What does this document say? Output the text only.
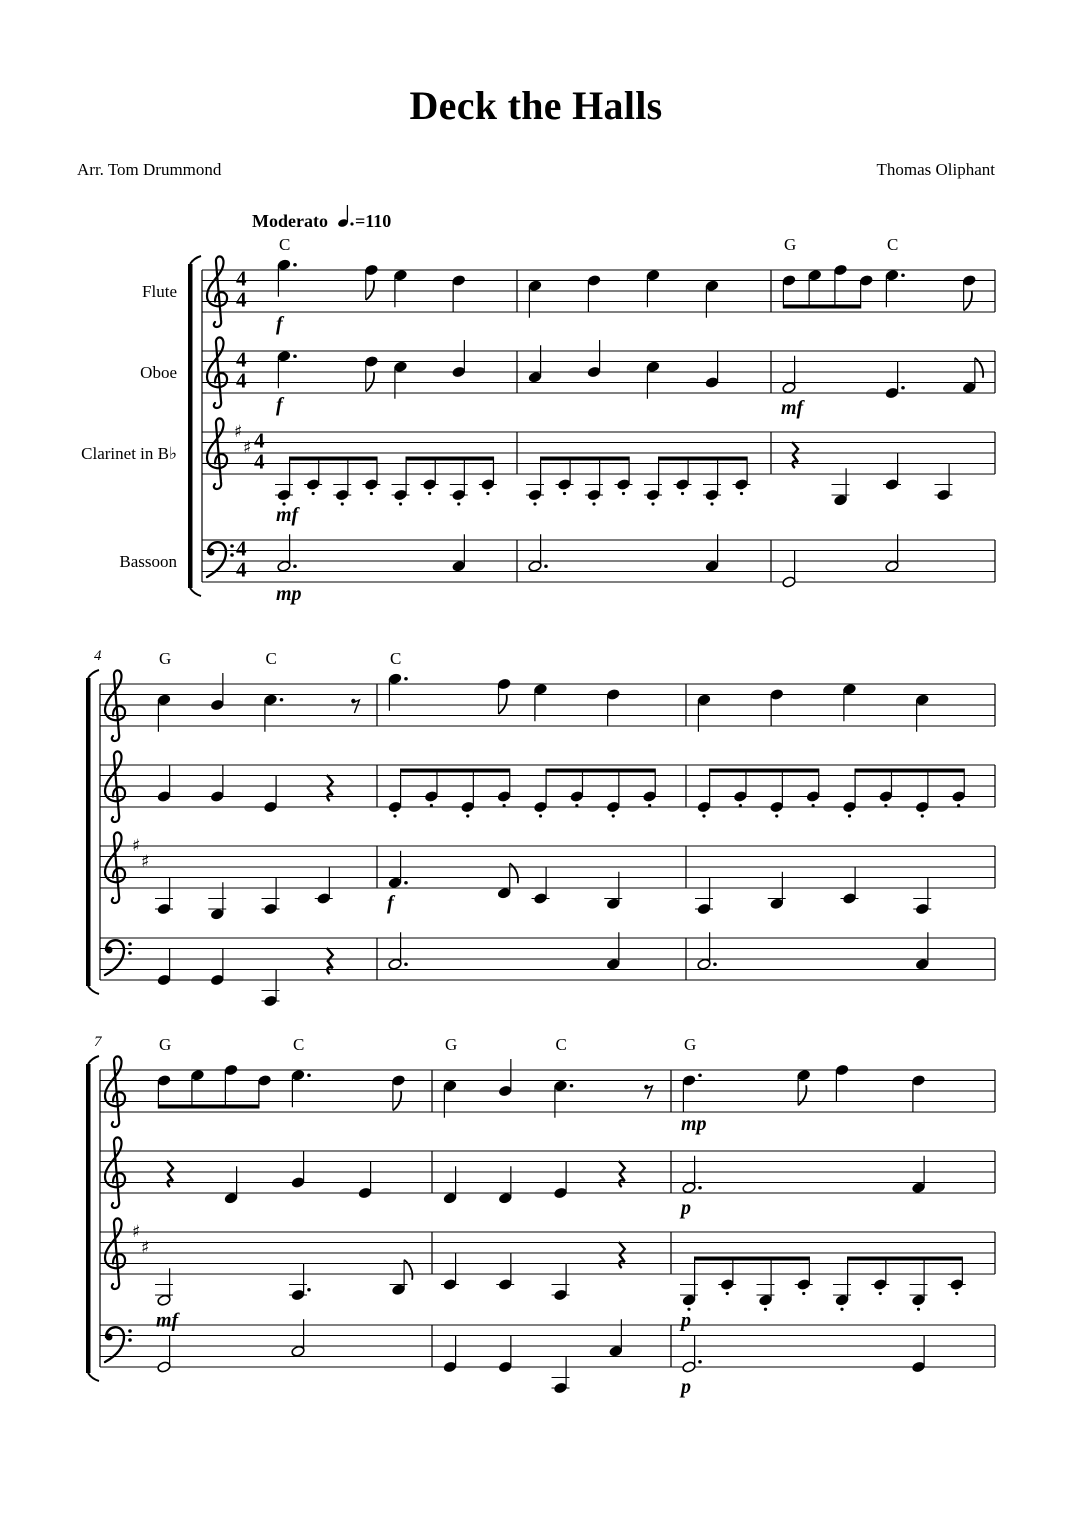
Deck the Halls
Arr. Tom Drummond	Thomas Oliphant
Moderato =110
Flute
4
4
Oboe
4
4
Clarinet in B♭
♯
♯ 4
4
Bassoon
4
4
C	G	C
f
f	mf
mf
mp
4
♯
♯
G	C	C
f
7
♯
♯
G	C	G	C	G
mp
p
mf	p
p
